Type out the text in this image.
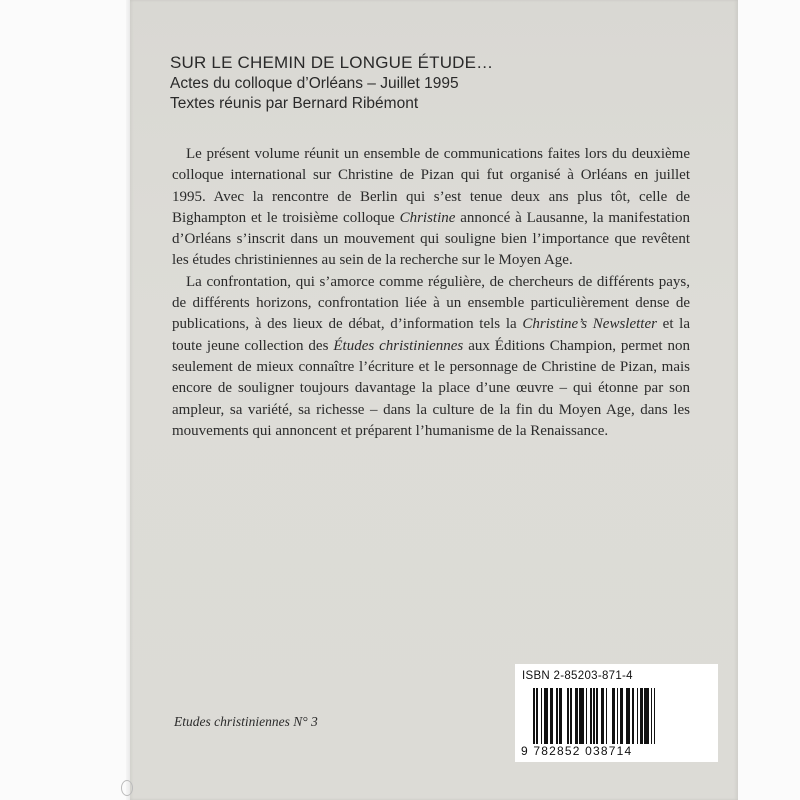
SUR LE CHEMIN DE LONGUE ÉTUDE…
Actes du colloque d’Orléans – Juillet 1995
Textes réunis par Bernard Ribémont

Le présent volume réunit un ensemble de communications faites lors du deuxième colloque international sur Christine de Pizan qui fut organisé à Orléans en juillet 1995. Avec la rencontre de Berlin qui s’est tenue deux ans plus tôt, celle de Bighampton et le troisième colloque Christine annoncé à Lausanne, la manifestation d’Orléans s’inscrit dans un mouvement qui souligne bien l’importance que revêtent les études christiniennes au sein de la recherche sur le Moyen Age.

La confrontation, qui s’amorce comme régulière, de chercheurs de différents pays, de différents horizons, confrontation liée à un ensemble particulièrement dense de publications, à des lieux de débat, d’information tels la Christine’s Newsletter et la toute jeune collection des Études christiniennes aux Éditions Champion, permet non seulement de mieux connaître l’écriture et le personnage de Christine de Pizan, mais encore de souligner toujours davantage la place d’une œuvre – qui étonne par son ampleur, sa variété, sa richesse – dans la culture de la fin du Moyen Age, dans les mouvements qui annoncent et préparent l’humanisme de la Renaissance.

Etudes christiniennes N° 3
ISBN 2-85203-871-4
9 782852 038714
